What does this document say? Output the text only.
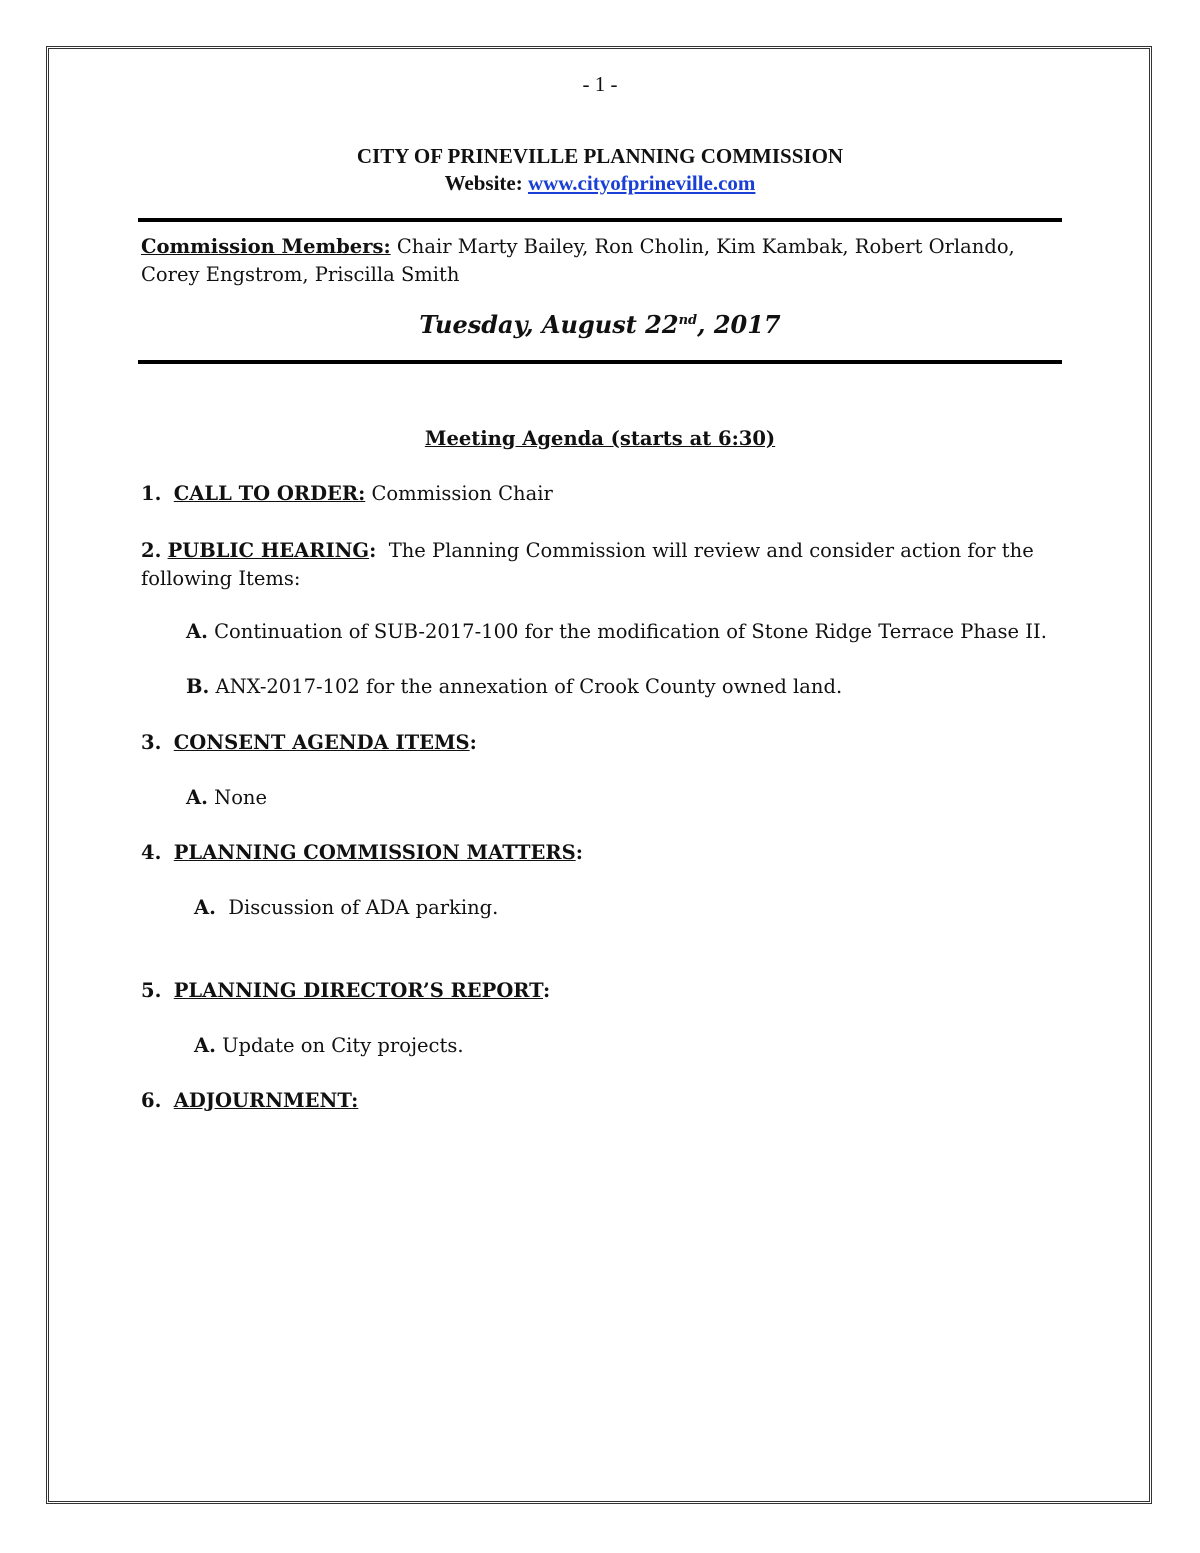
- 1 -
CITY OF PRINEVILLE PLANNING COMMISSION
Website: www.cityofprineville.com
Commission Members: Chair Marty Bailey, Ron Cholin, Kim Kambak, Robert Orlando, Corey Engstrom, Priscilla Smith
Tuesday, August 22nd, 2017
Meeting Agenda (starts at 6:30)
1. CALL TO ORDER: Commission Chair
2. PUBLIC HEARING: The Planning Commission will review and consider action for the following Items:
A. Continuation of SUB-2017-100 for the modification of Stone Ridge Terrace Phase II.
B. ANX-2017-102 for the annexation of Crook County owned land.
3. CONSENT AGENDA ITEMS:
A. None
4. PLANNING COMMISSION MATTERS:
A. Discussion of ADA parking.
5. PLANNING DIRECTOR’S REPORT:
A. Update on City projects.
6. ADJOURNMENT:
